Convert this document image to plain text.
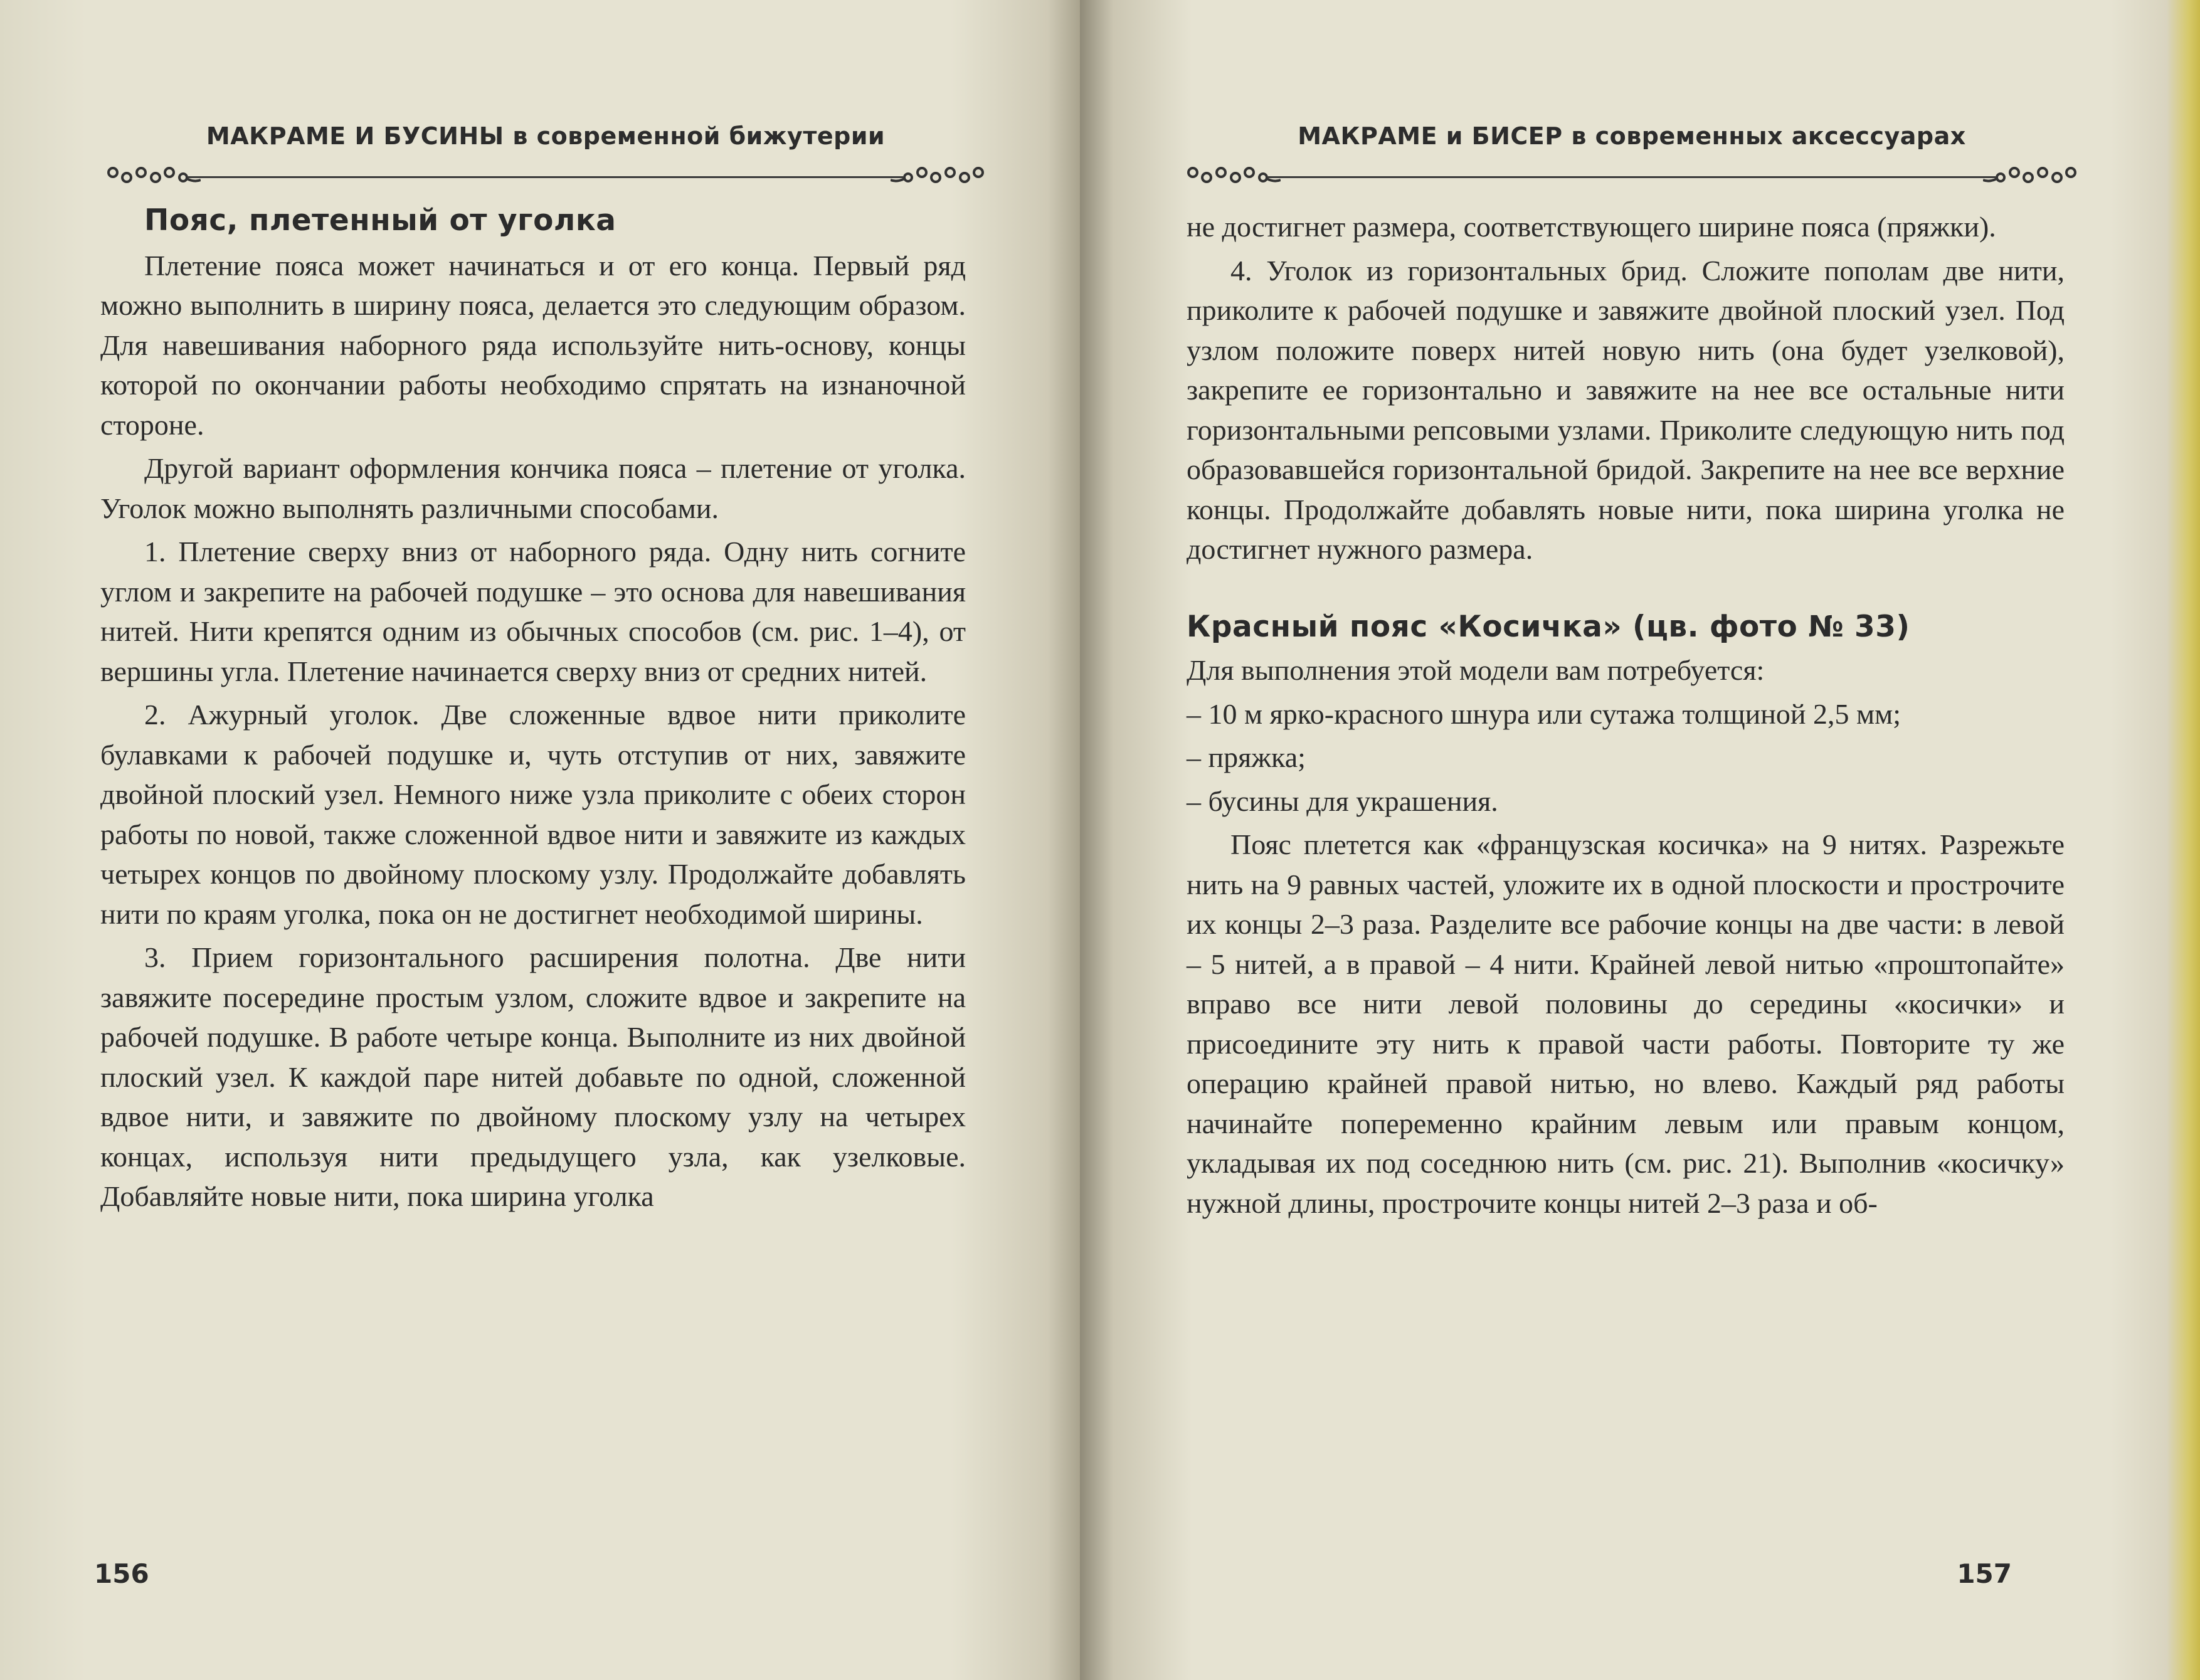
МАКРАМЕ И БУСИНЫ в современной бижутерии
Пояс, плетенный от уголка

Плетение пояса может начинаться и от его конца. Первый ряд можно выполнить в ширину пояса, делается это следующим образом. Для навешивания наборного ряда используйте нить-основу, концы которой по окончании работы необходимо спрятать на изнаночной стороне.

Другой вариант оформления кончика пояса – плетение от уголка. Уголок можно выполнять различными способами.

1. Плетение сверху вниз от наборного ряда. Одну нить согните углом и закрепите на рабочей подушке – это основа для навешивания нитей. Нити крепятся одним из обычных способов (см. рис. 1–4), от вершины угла. Плетение начинается сверху вниз от средних нитей.

2. Ажурный уголок. Две сложенные вдвое нити приколите булавками к рабочей подушке и, чуть отступив от них, завяжите двойной плоский узел. Немного ниже узла приколите с обеих сторон работы по новой, также сложенной вдвое нити и завяжите из каждых четырех концов по двойному плоскому узлу. Продолжайте добавлять нити по краям уголка, пока он не достигнет необходимой ширины.

3. Прием горизонтального расширения полотна. Две нити завяжите посередине простым узлом, сложите вдвое и закрепите на рабочей подушке. В работе четыре конца. Выполните из них двойной плоский узел. К каждой паре нитей добавьте по одной, сложенной вдвое нити, и завяжите по двойному плоскому узлу на четырех концах, используя нити предыдущего узла, как узелковые. Добавляйте новые нити, пока ширина уголка

156
МАКРАМЕ и БИСЕР в современных аксессуарах

не достигнет размера, соответствующего ширине пояса (пряжки).

4. Уголок из горизонтальных брид. Сложите пополам две нити, приколите к рабочей подушке и завяжите двойной плоский узел. Под узлом положите поверх нитей новую нить (она будет узелковой), закрепите ее горизонтально и завяжите на нее все остальные нити горизонтальными репсовыми узлами. Приколите следующую нить под образовавшейся горизонтальной бридой. Закрепите на нее все верхние концы. Продолжайте добавлять новые нити, пока ширина уголка не достигнет нужного размера.

Красный пояс «Косичка» (цв. фото № 33)

Для выполнения этой модели вам потребуется:

– 10 м ярко-красного шнура или сутажа толщиной 2,5 мм;

– пряжка;

– бусины для украшения.

Пояс плетется как «французская косичка» на 9 нитях. Разрежьте нить на 9 равных частей, уложите их в одной плоскости и прострочите их концы 2–3 раза. Разделите все рабочие концы на две части: в левой – 5 нитей, а в правой – 4 нити. Крайней левой нитью «проштопайте» вправо все нити левой половины до середины «косички» и присоедините эту нить к правой части работы. Повторите ту же операцию крайней правой нитью, но влево. Каждый ряд работы начинайте попеременно крайним левым или правым концом, укладывая их под соседнюю нить (см. рис. 21). Выполнив «косичку» нужной длины, прострочите концы нитей 2–3 раза и об-

157
